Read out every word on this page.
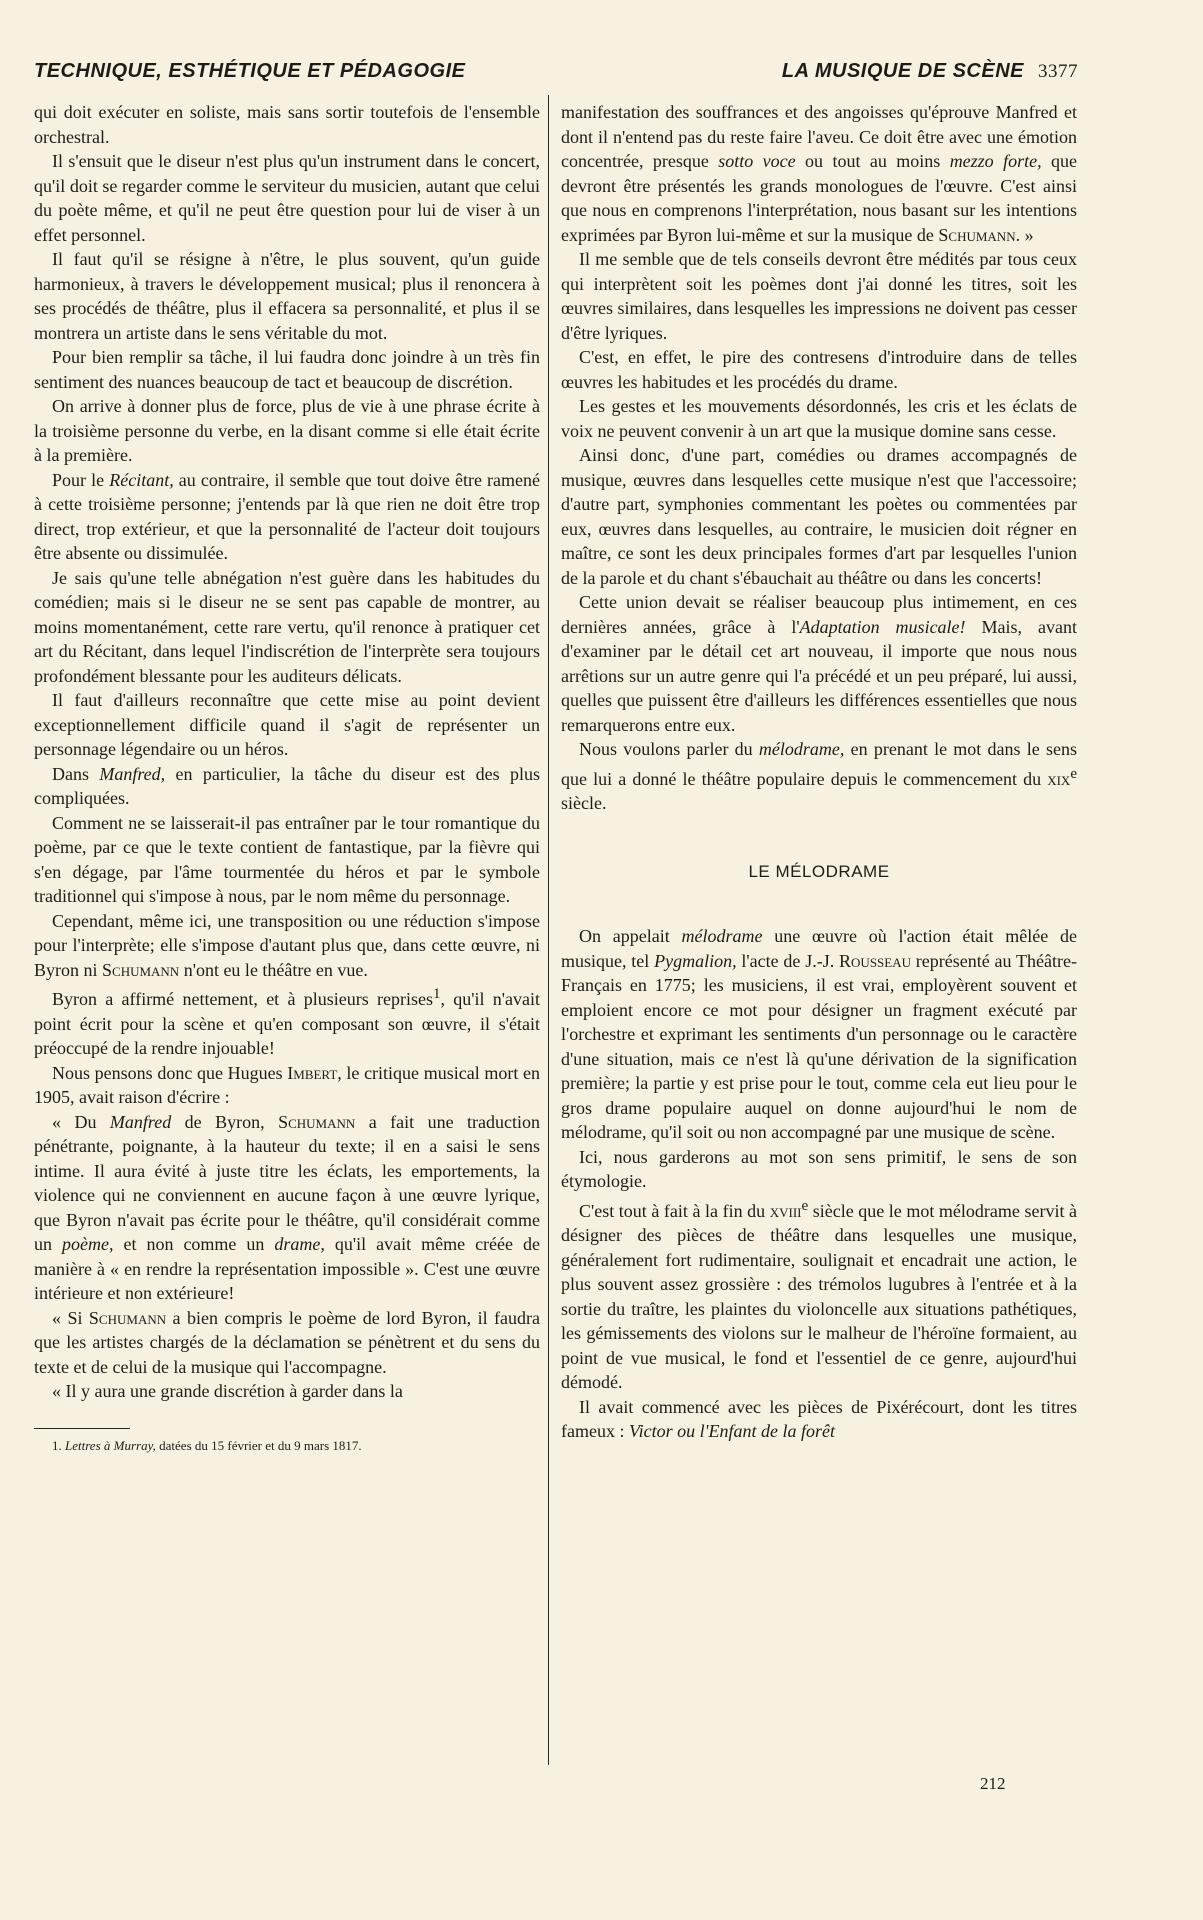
TECHNIQUE, ESTHÉTIQUE ET PÉDAGOGIE	LA MUSIQUE DE SCÈNE 3377

qui doit exécuter en soliste, mais sans sortir toutefois de l'ensemble orchestral.

Il s'ensuit que le diseur n'est plus qu'un instrument dans le concert, qu'il doit se regarder comme le serviteur du musicien, autant que celui du poète même, et qu'il ne peut être question pour lui de viser à un effet personnel.

Il faut qu'il se résigne à n'être, le plus souvent, qu'un guide harmonieux, à travers le développement musical; plus il renoncera à ses procédés de théâtre, plus il effacera sa personnalité, et plus il se montrera un artiste dans le sens véritable du mot.

Pour bien remplir sa tâche, il lui faudra donc joindre à un très fin sentiment des nuances beaucoup de tact et beaucoup de discrétion.

On arrive à donner plus de force, plus de vie à une phrase écrite à la troisième personne du verbe, en la disant comme si elle était écrite à la première.

Pour le Récitant, au contraire, il semble que tout doive être ramené à cette troisième personne; j'entends par là que rien ne doit être trop direct, trop extérieur, et que la personnalité de l'acteur doit toujours être absente ou dissimulée.

Je sais qu'une telle abnégation n'est guère dans les habitudes du comédien; mais si le diseur ne se sent pas capable de montrer, au moins momentanément, cette rare vertu, qu'il renonce à pratiquer cet art du Récitant, dans lequel l'indiscrétion de l'interprète sera toujours profondément blessante pour les auditeurs délicats.

Il faut d'ailleurs reconnaître que cette mise au point devient exceptionnellement difficile quand il s'agit de représenter un personnage légendaire ou un héros.

Dans Manfred, en particulier, la tâche du diseur est des plus compliquées.

Comment ne se laisserait-il pas entraîner par le tour romantique du poème, par ce que le texte contient de fantastique, par la fièvre qui s'en dégage, par l'âme tourmentée du héros et par le symbole traditionnel qui s'impose à nous, par le nom même du personnage.

Cependant, même ici, une transposition ou une réduction s'impose pour l'interprète; elle s'impose d'autant plus que, dans cette œuvre, ni Byron ni Schumann n'ont eu le théâtre en vue.

Byron a affirmé nettement, et à plusieurs reprises$^1$, qu'il n'avait point écrit pour la scène et qu'en composant son œuvre, il s'était préoccupé de la rendre injouable!

Nous pensons donc que Hugues Imbert, le critique musical mort en 1905, avait raison d'écrire :

« Du Manfred de Byron, Schumann a fait une traduction pénétrante, poignante, à la hauteur du texte; il en a saisi le sens intime. Il aura évité à juste titre les éclats, les emportements, la violence qui ne conviennent en aucune façon à une œuvre lyrique, que Byron n'avait pas écrite pour le théâtre, qu'il considérait comme un poème, et non comme un drame, qu'il avait même créée de manière à « en rendre la représentation impossible ». C'est une œuvre intérieure et non extérieure!

« Si Schumann a bien compris le poème de lord Byron, il faudra que les artistes chargés de la déclamation se pénètrent et du sens du texte et de celui de la musique qui l'accompagne.

« Il y aura une grande discrétion à garder dans la

1. Lettres à Murray, datées du 15 février et du 9 mars 1817.

manifestation des souffrances et des angoisses qu'éprouve Manfred et dont il n'entend pas du reste faire l'aveu. Ce doit être avec une émotion concentrée, presque sotto voce ou tout au moins mezzo forte, que devront être présentés les grands monologues de l'œuvre. C'est ainsi que nous en comprenons l'interprétation, nous basant sur les intentions exprimées par Byron lui-même et sur la musique de Schumann. »

Il me semble que de tels conseils devront être médités par tous ceux qui interprètent soit les poèmes dont j'ai donné les titres, soit les œuvres similaires, dans lesquelles les impressions ne doivent pas cesser d'être lyriques.

C'est, en effet, le pire des contresens d'introduire dans de telles œuvres les habitudes et les procédés du drame.

Les gestes et les mouvements désordonnés, les cris et les éclats de voix ne peuvent convenir à un art que la musique domine sans cesse.

Ainsi donc, d'une part, comédies ou drames accompagnés de musique, œuvres dans lesquelles cette musique n'est que l'accessoire; d'autre part, symphonies commentant les poètes ou commentées par eux, œuvres dans lesquelles, au contraire, le musicien doit régner en maître, ce sont les deux principales formes d'art par lesquelles l'union de la parole et du chant s'ébauchait au théâtre ou dans les concerts!

Cette union devait se réaliser beaucoup plus intimement, en ces dernières années, grâce à l'Adaptation musicale! Mais, avant d'examiner par le détail cet art nouveau, il importe que nous nous arrêtions sur un autre genre qui l'a précédé et un peu préparé, lui aussi, quelles que puissent être d'ailleurs les différences essentielles que nous remarquerons entre eux.

Nous voulons parler du mélodrame, en prenant le mot dans le sens que lui a donné le théâtre populaire depuis le commencement du xix$^e$ siècle.

LE MÉLODRAME

On appelait mélodrame une œuvre où l'action était mêlée de musique, tel Pygmalion, l'acte de J.-J. Rousseau représenté au Théâtre-Français en 1775; les musiciens, il est vrai, employèrent souvent et emploient encore ce mot pour désigner un fragment exécuté par l'orchestre et exprimant les sentiments d'un personnage ou le caractère d'une situation, mais ce n'est là qu'une dérivation de la signification première; la partie y est prise pour le tout, comme cela eut lieu pour le gros drame populaire auquel on donne aujourd'hui le nom de mélodrame, qu'il soit ou non accompagné par une musique de scène.

Ici, nous garderons au mot son sens primitif, le sens de son étymologie.

C'est tout à fait à la fin du xviii$^e$ siècle que le mot mélodrame servit à désigner des pièces de théâtre dans lesquelles une musique, généralement fort rudimentaire, soulignait et encadrait une action, le plus souvent assez grossière : des trémolos lugubres à l'entrée et à la sortie du traître, les plaintes du violoncelle aux situations pathétiques, les gémissements des violons sur le malheur de l'héroïne formaient, au point de vue musical, le fond et l'essentiel de ce genre, aujourd'hui démodé.

Il avait commencé avec les pièces de Pixérécourt, dont les titres fameux : Victor ou l'Enfant de la forêt

212
